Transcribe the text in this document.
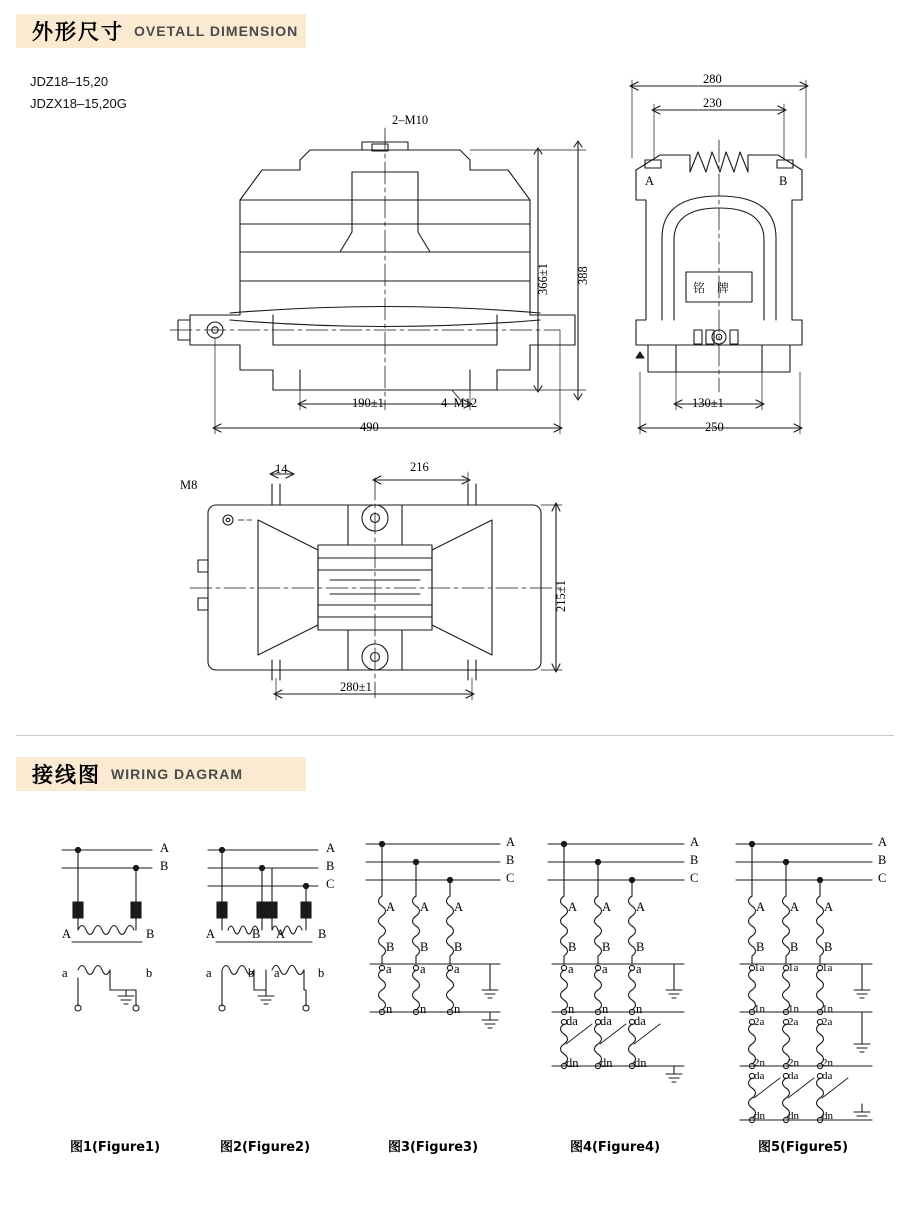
外形尺寸 OVETALL DIMENSION
JDZ18–15,20
JDZX18–15,20G
2–M10
366±1 388
190±1	4–M12
490
280
230
A	B
铭 牌
130±1
250
M8
14	216
215±1
280±1
接线图 WIRING DAGRAM
A
B
A	B
a	b
A
B
C
A	B A	B
a	b a	b
A
B
C
A A A
B B B
a a a
n n n
A
B
C
A A A
B B B
a a a
n n n
da da da
dn dn dn
A
B
C
A A A
B B B
1a 1a 1a
1n 1n 1n
2a 2a 2a
2n 2n 2n
da da da
dn dn dn
图1(Figure1)	图2(Figure2)	图3(Figure3)	图4(Figure4)	图5(Figure5)
